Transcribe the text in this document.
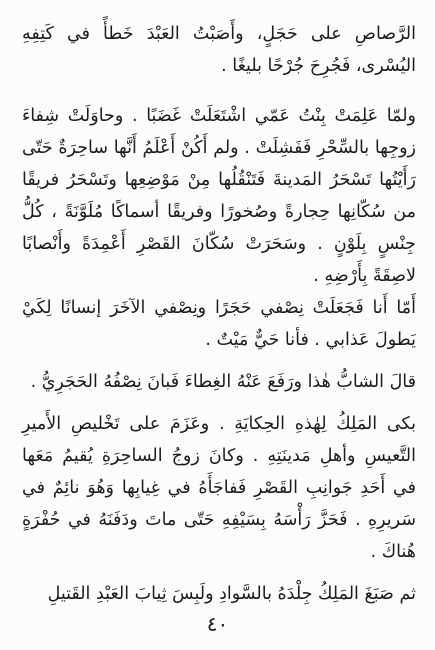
الرَّصاصِ علی حَجَلٍ، وأَصَبْتُ العَبْدَ خَطأً في كَتِفِهِ اليُسْرى، فَجُرِحَ جُرْحًا بليغًا .

ولمّا عَلِمَتْ بِنْتُ عَمّي اشْتَعَلَتْ غَضَبًا . وحاوَلَتْ شِفاءَ زوجِها بالسِّحْرِ فَفَشِلَتْ . ولم أَكُنْ أَعْلَمُ أَنَّها ساحِرَةٌ حَتّى رَأَيْتُها تَسْحَرُ المَدينةَ فَتَنْقُلُها مِنْ مَوْضِعِها وتَسْحَرُ فريقًا من سُكّانِها حِجارةً وصُخورًا وفريقًا أسماكًا مُلَوَّنَةً ، كُلُّ جِنْسٍ بِلَوْنٍ . وسَحَرَتْ سُكّانَ القَصْرِ أَعْمِدَةً وأَنْصابًا لاصِقَةً بِأَرْضِهِ .

أَمّا أَنا فَجَعَلَتْ نِصْفي حَجَرًا ونِصْفي الآخَرَ إنسانًا لِكَيْ يَطولَ عَذابي . فأنا حَيٌّ مَيْتٌ .

قالَ الشابُّ هٰذا ورَفَعَ عَنْهُ الغِطاءَ فَبانَ نِصْفُهُ الحَجَرِيُّ .

بكى المَلِكُ لِهٰذهِ الحِكايَةِ . وعَزَمَ على تَخْليصِ الأَميرِ التَّعيسِ وأهلِ مَدينَتِهِ . وكانَ زوجُ الساحِرَةِ يُقيمُ مَعَها في أَحَدِ جَوانِبِ القَصْرِ فَفاجَأَهُ في غِيابِها وَهُوَ نائِمٌ في سَريرِهِ . فَحَزَّ رَأْسَهُ بِسَيْفِهِ حَتّى ماتَ ودَفَنَهُ في حُفْرَةٍ هُناكَ .

ثم صَبَغَ المَلِكُ جِلْدَهُ بالسَّوادِ ولَبِسَ ثِيابَ العَبْدِ القَتيلِ

٤٠
